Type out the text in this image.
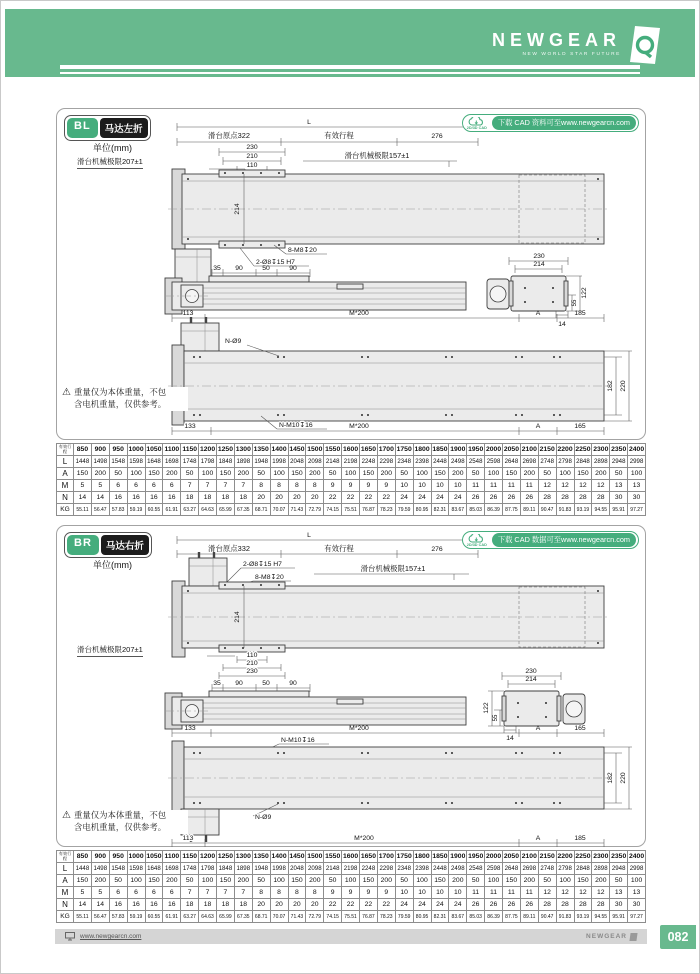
NEWGEAR
NEW WORLD STAR FUTURE
BL	马达左折
单位(mm)
滑台机械极限207±1
2D/3D CAD
下载 CAD 资料可至www.newgearcn.com
⚠ 重量仅为本体重量，不包
含电机重量，仅供参考。
L
滑台原点322	有效行程	276
230
210
110
滑台机械极限157±1
214
8-M8↧20
2-Ø8↧15 H7
35 90	50	90
230
214
122
55
14
113	M*200	A	185
N-Ø9
182 220
N-M10↧16
133	M*200	A	165
有效行程	850	900	950	1000	1050	1100	1150	1200	1250	1300	1350	1400	1450	1500	1550	1600	1650	1700	1750	1800	1850	1900	1950	2000	2050	2100	2150	2200	2250	2300	2350	2400
L	1448	1498	1548	1598	1648	1698	1748	1798	1848	1898	1948	1998	2048	2098	2148	2198	2248	2298	2348	2398	2448	2498	2548	2598	2648	2698	2748	2798	2848	2898	2948	2998
A	150	200	50	100	150	200	50	100	150	200	50	100	150	200	50	100	150	200	50	100	150	200	50	100	150	200	50	100	150	200	50	100
M	5	5	6	6	6	6	7	7	7	7	8	8	8	8	9	9	9	9	10	10	10	10	11	11	11	11	12	12	12	12	13	13
N	14	14	16	16	16	16	18	18	18	18	20	20	20	20	22	22	22	22	24	24	24	24	26	26	26	26	28	28	28	28	30	30
KG	55.11	56.47	57.83	59.19	60.55	61.91	63.27	64.63	65.99	67.35	68.71	70.07	71.43	72.79	74.15	75.51	76.87	78.23	79.59	80.95	82.31	83.67	85.03	86.39	87.75	89.11	90.47	91.83	93.19	94.55	95.91	97.27
BR	马达右折
单位(mm)
滑台机械极限207±1
2D/3D CAD
下载 CAD 数据可至www.newgearcn.com
⚠ 重量仅为本体重量，不包
含电机重量，仅供参考。
L
滑台原点332	有效行程	276
2-Ø8↧15 H7
8-M8↧20
滑台机械极限157±1
214
110
210
230
35 90	50	90
230
214
122
55
14
133	M*200	A	165
N-M10↧16
182 220
N-Ø9
113	M*200	A	185
有效行程	850	900	950	1000	1050	1100	1150	1200	1250	1300	1350	1400	1450	1500	1550	1600	1650	1700	1750	1800	1850	1900	1950	2000	2050	2100	2150	2200	2250	2300	2350	2400
L	1448	1498	1548	1598	1648	1698	1748	1798	1848	1898	1948	1998	2048	2098	2148	2198	2248	2298	2348	2398	2448	2498	2548	2598	2648	2698	2748	2798	2848	2898	2948	2998
A	150	200	50	100	150	200	50	100	150	200	50	100	150	200	50	100	150	200	50	100	150	200	50	100	150	200	50	100	150	200	50	100
M	5	5	6	6	6	6	7	7	7	7	8	8	8	8	9	9	9	9	10	10	10	10	11	11	11	11	12	12	12	12	13	13
N	14	14	16	16	16	16	18	18	18	18	20	20	20	20	22	22	22	22	24	24	24	24	26	26	26	26	28	28	28	28	30	30
KG	55.11	56.47	57.83	59.19	60.55	61.91	63.27	64.63	65.99	67.35	68.71	70.07	71.43	72.79	74.15	75.51	76.87	78.23	79.59	80.95	82.31	83.67	85.03	86.39	87.75	89.11	90.47	91.83	93.19	94.55	95.91	97.27
www.newgearcn.com	NEWGEAR	082
